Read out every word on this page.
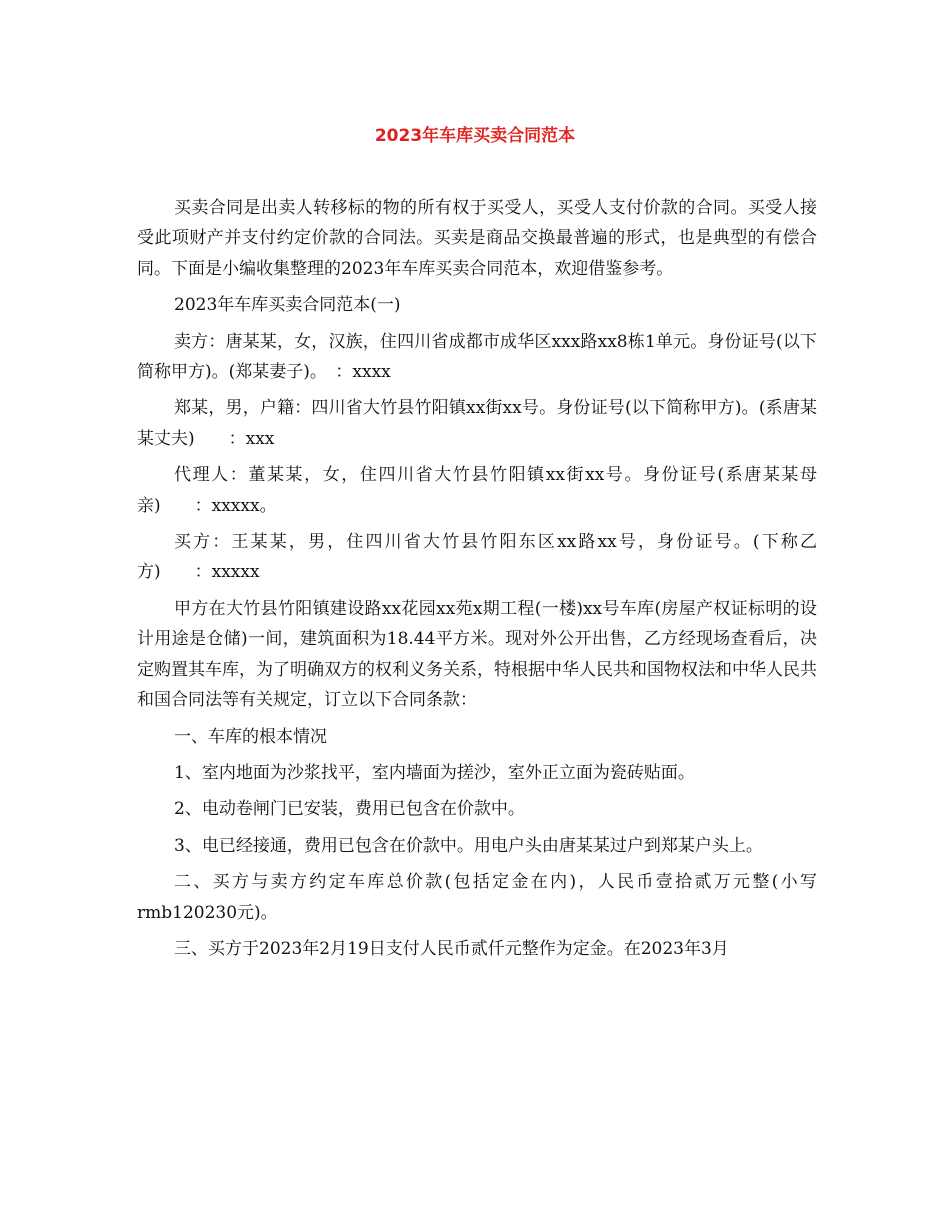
2023年车库买卖合同范本

买卖合同是出卖人转移标的物的所有权于买受人，买受人支付价款的合同。买受人接受此项财产并支付约定价款的合同法。买卖是商品交换最普遍的形式，也是典型的有偿合同。下面是小编收集整理的2023年车库买卖合同范本，欢迎借鉴参考。

2023年车库买卖合同范本(一)

卖方：唐某某，女，汉族，住四川省成都市成华区xxx路xx8栋1单元。身份证号(以下简称甲方)。(郑某妻子)。　：xxxx

郑某，男，户籍：四川省大竹县竹阳镇xx街xx号。身份证号(以下简称甲方)。(系唐某某丈夫)　　：xxx

代理人：董某某，女，住四川省大竹县竹阳镇xx街xx号。身份证号(系唐某某母亲)　　：xxxxx。

买方：王某某，男，住四川省大竹县竹阳东区xx路xx号，身份证号。(下称乙方)　　：xxxxx

甲方在大竹县竹阳镇建设路xx花园xx苑x期工程(一楼)xx号车库(房屋产权证标明的设计用途是仓储)一间，建筑面积为18.44平方米。现对外公开出售，乙方经现场查看后，决定购置其车库，为了明确双方的权利义务关系，特根据中华人民共和国物权法和中华人民共和国合同法等有关规定，订立以下合同条款：

一、车库的根本情况

1、室内地面为沙浆找平，室内墙面为搓沙，室外正立面为瓷砖贴面。

2、电动卷闸门已安装，费用已包含在价款中。

3、电已经接通，费用已包含在价款中。用电户头由唐某某过户到郑某户头上。

二、买方与卖方约定车库总价款(包括定金在内)，人民币壹拾贰万元整(小写rmb120230元)。

三、买方于2023年2月19日支付人民币贰仟元整作为定金。在2023年3月
